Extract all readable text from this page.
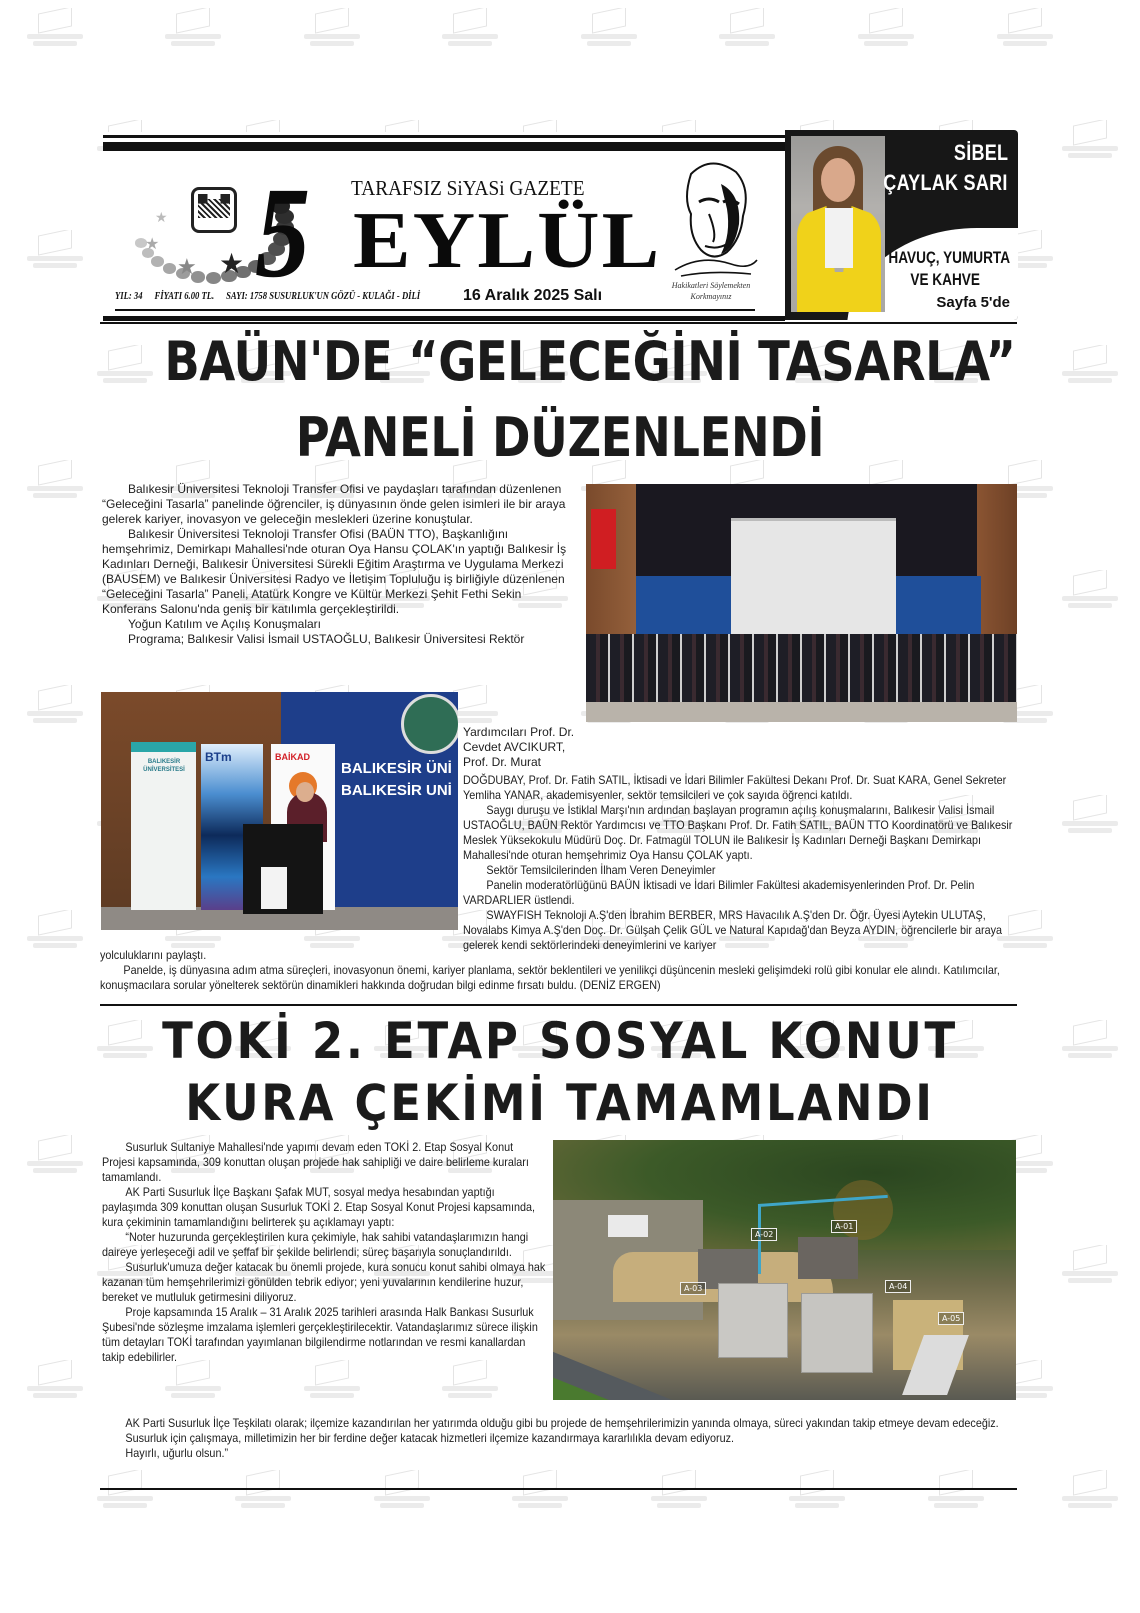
★
★
★ ★ 5 TARAFSIZ SiYASi GAZETE
EYLÜL
Hakikatleri Söylemekten
Korkmayınız
YIL: 34 FİYATI 6.00 TL. SAYI: 1758 SUSURLUK'UN GÖZÜ - KULAĞI - DİLİ	16 Aralık 2025 Salı
SİBEL
ÇAYLAK SARI
HAVUÇ, YUMURTA
VE KAHVE
Sayfa 5'de
BAÜN'DE “GELECEĞİNİ TASARLA”
PANELİ DÜZENLENDİ

Balıkesir Üniversitesi Teknoloji Transfer Ofisi ve paydaşları tarafından düzenlenen “Geleceğini Tasarla” panelinde öğrenciler, iş dünyasının önde gelen isimleri ile bir araya gelerek kariyer, inovasyon ve geleceğin meslekleri üzerine konuştular.

Balıkesir Üniversitesi Teknoloji Transfer Ofisi (BAÜN TTO), Başkanlığını hemşehrimiz, Demirkapı Mahallesi'nde oturan Oya Hansu ÇOLAK'ın yaptığı Balıkesir İş Kadınları Derneği, Balıkesir Üniversitesi Sürekli Eğitim Araştırma ve Uygulama Merkezi (BAUSEM) ve Balıkesir Üniversitesi Radyo ve İletişim Topluluğu iş birliğiyle düzenlenen “Geleceğini Tasarla” Paneli, Atatürk Kongre ve Kültür Merkezi Şehit Fethi Sekin Konferans Salonu'nda geniş bir katılımla gerçekleştirildi.

Yoğun Katılım ve Açılış Konuşmaları

Programa; Balıkesir Valisi İsmail USTAOĞLU, Balıkesir Üniversitesi Rektör

Yardımcıları Prof. Dr. Cevdet AVCIKURT, Prof. Dr. Murat

BALIKESİR ÜNİ
BALIKESİR UNİ
BALIKESİR ÜNİVERSİTESİ
BTm	BAİKAD

DOĞDUBAY, Prof. Dr. Fatih SATIL, İktisadi ve İdari Bilimler Fakültesi Dekanı Prof. Dr. Suat KARA, Genel Sekreter Yemliha YANAR, akademisyenler, sektör temsilcileri ve çok sayıda öğrenci katıldı.

Saygı duruşu ve İstiklal Marşı'nın ardından başlayan programın açılış konuşmalarını, Balıkesir Valisi İsmail USTAOĞLU, BAÜN Rektör Yardımcısı ve TTO Başkanı Prof. Dr. Fatih SATIL, BAÜN TTO Koordinatörü ve Balıkesir Meslek Yüksekokulu Müdürü Doç. Dr. Fatmagül TOLUN ile Balıkesir İş Kadınları Derneği Başkanı Demirkapı Mahallesi'nde oturan hemşehrimiz Oya Hansu ÇOLAK yaptı.

Sektör Temsilcilerinden İlham Veren Deneyimler

Panelin moderatörlüğünü BAÜN İktisadi ve İdari Bilimler Fakültesi akademisyenlerinden Prof. Dr. Pelin VARDARLIER üstlendi.

SWAYFISH Teknoloji A.Ş'den İbrahim BERBER, MRS Havacılık A.Ş'den Dr. Öğr. Üyesi Aytekin ULUTAŞ, Novalabs Kimya A.Ş'den Doç. Dr. Gülşah Çelik GÜL ve Natural Kapıdağ'dan Beyza AYDIN, öğrencilerle bir araya gelerek kendi sektörlerindeki deneyimlerini ve kariyer

yolculuklarını paylaştı.

Panelde, iş dünyasına adım atma süreçleri, inovasyonun önemi, kariyer planlama, sektör beklentileri ve yenilikçi düşüncenin mesleki gelişimdeki rolü gibi konular ele alındı. Katılımcılar, konuşmacılara sorular yönelterek sektörün dinamikleri hakkında doğrudan bilgi edinme fırsatı buldu. (DENİZ ERGEN)

TOKİ 2. ETAP SOSYAL KONUT
KURA ÇEKİMİ TAMAMLANDI

Susurluk Sultaniye Mahallesi'nde yapımı devam eden TOKİ 2. Etap Sosyal Konut Projesi kapsamında, 309 konuttan oluşan projede hak sahipliği ve daire belirleme kuraları tamamlandı.

AK Parti Susurluk İlçe Başkanı Şafak MUT, sosyal medya hesabından yaptığı paylaşımda 309 konuttan oluşan Susurluk TOKİ 2. Etap Sosyal Konut Projesi kapsamında, kura çekiminin tamamlandığını belirterek şu açıklamayı yaptı:

“Noter huzurunda gerçekleştirilen kura çekimiyle, hak sahibi vatandaşlarımızın hangi daireye yerleşeceği adil ve şeffaf bir şekilde belirlendi; süreç başarıyla sonuçlandırıldı.

Susurluk'umuza değer katacak bu önemli projede, kura sonucu konut sahibi olmaya hak kazanan tüm hemşehrilerimizi gönülden tebrik ediyor; yeni yuvalarının kendilerine huzur, bereket ve mutluluk getirmesini diliyoruz.

Proje kapsamında 15 Aralık – 31 Aralık 2025 tarihleri arasında Halk Bankası Susurluk Şubesi'nde sözleşme imzalama işlemleri gerçekleştirilecektir. Vatandaşlarımız sürece ilişkin tüm detayları TOKİ tarafından yayımlanan bilgilendirme notlarından ve resmi kanallardan takip edebilirler.

A-01
A-02
A-03	A-04
A-05

AK Parti Susurluk İlçe Teşkilatı olarak; ilçemize kazandırılan her yatırımda olduğu gibi bu projede de hemşehrilerimizin yanında olmaya, süreci yakından takip etmeye devam edeceğiz.

Susurluk için çalışmaya, milletimizin her bir ferdine değer katacak hizmetleri ilçemize kazandırmaya kararlılıkla devam ediyoruz.

Hayırlı, uğurlu olsun.”
